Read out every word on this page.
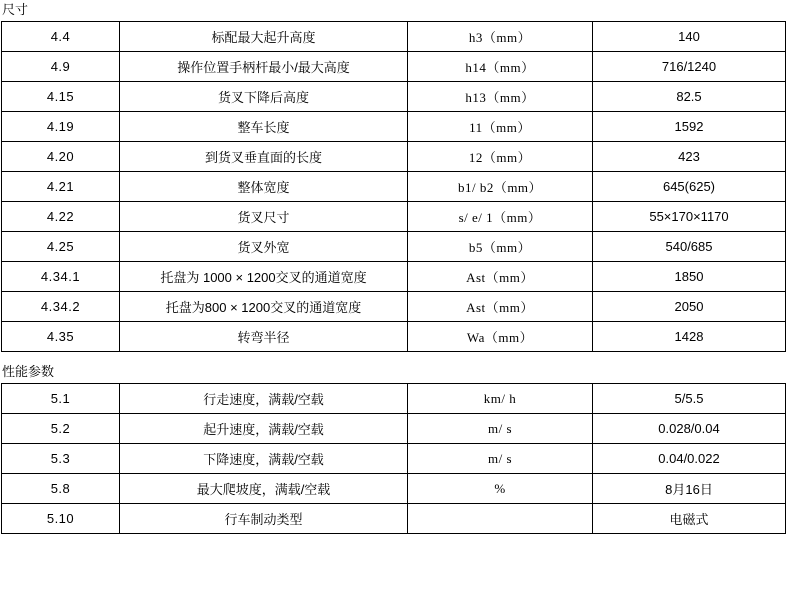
尺寸
4.4	标配最大起升高度	h3（mm）	140
4.9	操作位置手柄杆最小/最大高度	h14（mm）	716/1240
4.15	货叉下降后高度	h13（mm）	82.5
4.19	整车长度	11（mm）	1592
4.20	到货叉垂直面的长度	12（mm）	423
4.21	整体宽度	b1/ b2（mm）	645(625)
4.22	货叉尺寸	s/ e/ 1（mm）	55×170×1170
4.25	货叉外宽	b5（mm）	540/685
4.34.1	托盘为 1000 × 1200交叉的通道宽度	Ast（mm）	1850
4.34.2	托盘为800 × 1200交叉的通道宽度	Ast（mm）	2050
4.35	转弯半径	Wa（mm）	1428
性能参数
5.1	行走速度，满载/空载	km/ h	5/5.5
5.2	起升速度，满载/空载	m/ s	0.028/0.04
5.3	下降速度，满载/空载	m/ s	0.04/0.022
5.8	最大爬坡度，满载/空载	%	8月16日
5.10	行车制动类型		电磁式
